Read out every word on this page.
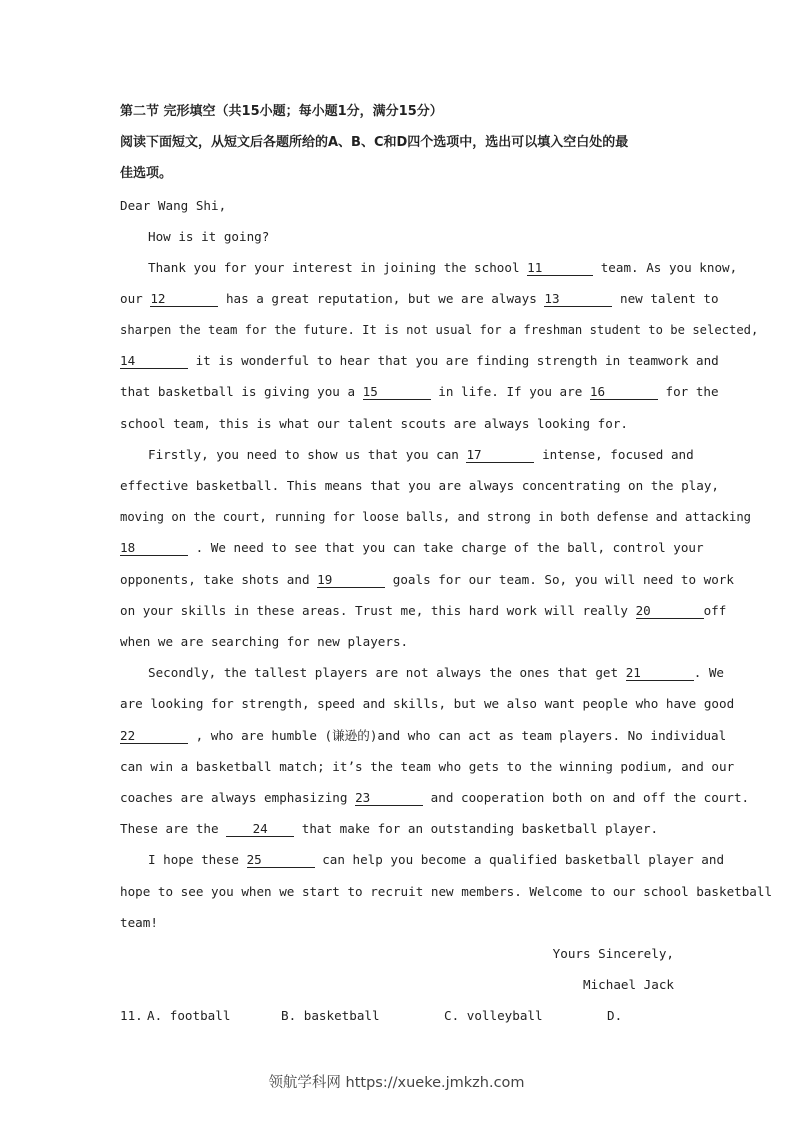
第二节 完形填空（共15小题；每小题1分，满分15分）
阅读下面短文，从短文后各题所给的A、B、C和D四个选项中，选出可以填入空白处的最
佳选项。
Dear Wang Shi,
How is it going?
Thank you for your interest in joining the school 11	team. As you know,
our 12	has a great reputation, but we are always 13	new talent to
sharpen the team for the future. It is not usual for a freshman student to be selected,
14	it is wonderful to hear that you are finding strength in teamwork and
that basketball is giving you a 15	in life. If you are 16	for the
school team, this is what our talent scouts are always looking for.
Firstly, you need to show us that you can 17	intense, focused and
effective basketball. This means that you are always concentrating on the play,
moving on the court, running for loose balls, and strong in both defense and attacking
18	. We need to see that you can take charge of the ball, control your
opponents, take shots and 19	goals for our team. So, you will need to work
on your skills in these areas. Trust me, this hard work will really 20	off
when we are searching for new players.
Secondly, the tallest players are not always the ones that get 21	. We
are looking for strength, speed and skills, but we also want people who have good
22	, who are humble (谦逊的)and who can act as team players. No individual
can win a basketball match; it’s the team who gets to the winning podium, and our
coaches are always emphasizing 23	and cooperation both on and off the court.
These are the	24	that make for an outstanding basketball player.
I hope these 25	can help you become a qualified basketball player and
hope to see you when we start to recruit new members. Welcome to our school basketball
team!
Yours Sincerely,
Michael Jack
11. A. football	B. basketball	C. volleyball	D.
领航学科网 https://xueke.jmkzh.com
